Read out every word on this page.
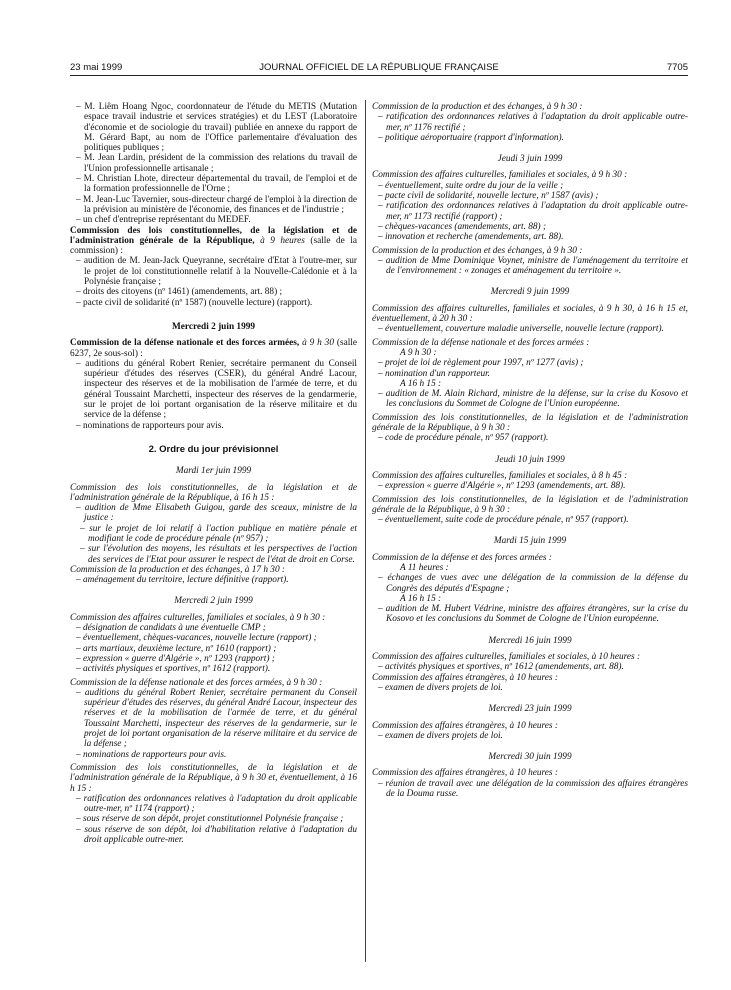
23 mai 1999	JOURNAL OFFICIEL DE LA RÉPUBLIQUE FRANÇAISE	7705

– M. Liêm Hoang Ngoc, coordonnateur de l'étude du METIS (Mutation espace travail industrie et services stratégies) et du LEST (Laboratoire d'économie et de sociologie du travail) publiée en annexe du rapport de M. Gérard Bapt, au nom de l'Office parlementaire d'évaluation des politiques publiques ;

– M. Jean Lardin, président de la commission des relations du travail de l'Union professionnelle artisanale ;

– M. Christian Lhote, directeur départemental du travail, de l'emploi et de la formation professionnelle de l'Orne ;

– M. Jean-Luc Tavernier, sous-directeur chargé de l'emploi à la direction de la prévision au ministère de l'économie, des finances et de l'industrie ;

– un chef d'entreprise représentant du MEDEF.

Commission des lois constitutionnelles, de la législation et de l'administration générale de la République, à 9 heures (salle de la commission) :

– audition de M. Jean-Jack Queyranne, secrétaire d'Etat à l'outre-mer, sur le projet de loi constitutionnelle relatif à la Nouvelle-Calédonie et à la Polynésie française ;

– droits des citoyens (nº 1461) (amendements, art. 88) ;

– pacte civil de solidarité (nº 1587) (nouvelle lecture) (rapport).

Mercredi 2 juin 1999

Commission de la défense nationale et des forces armées, à 9 h 30 (salle 6237, 2e sous-sol) :

– auditions du général Robert Renier, secrétaire permanent du Conseil supérieur d'études des réserves (CSER), du général André Lacour, inspecteur des réserves et de la mobilisation de l'armée de terre, et du général Toussaint Marchetti, inspecteur des réserves de la gendarmerie, sur le projet de loi portant organisation de la réserve militaire et du service de la défense ;

– nominations de rapporteurs pour avis.

2. Ordre du jour prévisionnel

Mardi 1er juin 1999

Commission des lois constitutionnelles, de la législation et de l'administration générale de la République, à 16 h 15 :

– audition de Mme Elisabeth Guigou, garde des sceaux, ministre de la justice :

– sur le projet de loi relatif à l'action publique en matière pénale et modifiant le code de procédure pénale (nº 957) ;

– sur l'évolution des moyens, les résultats et les perspectives de l'action des services de l'Etat pour assurer le respect de l'état de droit en Corse.

Commission de la production et des échanges, à 17 h 30 :

– aménagement du territoire, lecture définitive (rapport).

Mercredi 2 juin 1999

Commission des affaires culturelles, familiales et sociales, à 9 h 30 :

– désignation de candidats à une éventuelle CMP ;

– éventuellement, chèques-vacances, nouvelle lecture (rapport) ;

– arts martiaux, deuxième lecture, nº 1610 (rapport) ;

– expression « guerre d'Algérie », nº 1293 (rapport) ;

– activités physiques et sportives, nº 1612 (rapport).

Commission de la défense nationale et des forces armées, à 9 h 30 :

– auditions du général Robert Renier, secrétaire permanent du Conseil supérieur d'études des réserves, du général André Lacour, inspecteur des réserves et de la mobilisation de l'armée de terre, et du général Toussaint Marchetti, inspecteur des réserves de la gendarmerie, sur le projet de loi portant organisation de la réserve militaire et du service de la défense ;

– nominations de rapporteurs pour avis.

Commission des lois constitutionnelles, de la législation et de l'administration générale de la République, à 9 h 30 et, éventuellement, à 16 h 15 :

– ratification des ordonnances relatives à l'adaptation du droit applicable outre-mer, nº 1174 (rapport) ;

– sous réserve de son dépôt, projet constitutionnel Polynésie française ;

– sous réserve de son dépôt, loi d'habilitation relative à l'adaptation du droit applicable outre-mer.

Commission de la production et des échanges, à 9 h 30 :

– ratification des ordonnances relatives à l'adaptation du droit applicable outre-mer, nº 1176 rectifié ;

– politique aéroportuaire (rapport d'information).

Jeudi 3 juin 1999

Commission des affaires culturelles, familiales et sociales, à 9 h 30 :

– éventuellement, suite ordre du jour de la veille ;

– pacte civil de solidarité, nouvelle lecture, nº 1587 (avis) ;

– ratification des ordonnances relatives à l'adaptation du droit applicable outre-mer, nº 1173 rectifié (rapport) ;

– chèques-vacances (amendements, art. 88) ;

– innovation et recherche (amendements, art. 88).

Commission de la production et des échanges, à 9 h 30 :

– audition de Mme Dominique Voynet, ministre de l'aménagement du territoire et de l'environnement : « zonages et aménagement du territoire ».

Mercredi 9 juin 1999

Commission des affaires culturelles, familiales et sociales, à 9 h 30, à 16 h 15 et, éventuellement, à 20 h 30 :

– éventuellement, couverture maladie universelle, nouvelle lecture (rapport).

Commission de la défense nationale et des forces armées :

A 9 h 30 :

– projet de loi de règlement pour 1997, nº 1277 (avis) ;

– nomination d'un rapporteur.

A 16 h 15 :

– audition de M. Alain Richard, ministre de la défense, sur la crise du Kosovo et les conclusions du Sommet de Cologne de l'Union européenne.

Commission des lois constitutionnelles, de la législation et de l'administration générale de la République, à 9 h 30 :

– code de procédure pénale, nº 957 (rapport).

Jeudi 10 juin 1999

Commission des affaires culturelles, familiales et sociales, à 8 h 45 :

– expression « guerre d'Algérie », nº 1293 (amendements, art. 88).

Commission des lois constitutionnelles, de la législation et de l'administration générale de la République, à 9 h 30 :

– éventuellement, suite code de procédure pénale, nº 957 (rapport).

Mardi 15 juin 1999

Commission de la défense et des forces armées :

A 11 heures :

– échanges de vues avec une délégation de la commission de la défense du Congrès des députés d'Espagne ;

A 16 h 15 :

– audition de M. Hubert Védrine, ministre des affaires étrangères, sur la crise du Kosovo et les conclusions du Sommet de Cologne de l'Union européenne.

Mercredi 16 juin 1999

Commission des affaires culturelles, familiales et sociales, à 10 heures :

– activités physiques et sportives, nº 1612 (amendements, art. 88).

Commission des affaires étrangères, à 10 heures :

– examen de divers projets de loi.

Mercredi 23 juin 1999

Commission des affaires étrangères, à 10 heures :

– examen de divers projets de loi.

Mercredi 30 juin 1999

Commission des affaires étrangères, à 10 heures :

– réunion de travail avec une délégation de la commission des affaires étrangères de la Douma russe.
